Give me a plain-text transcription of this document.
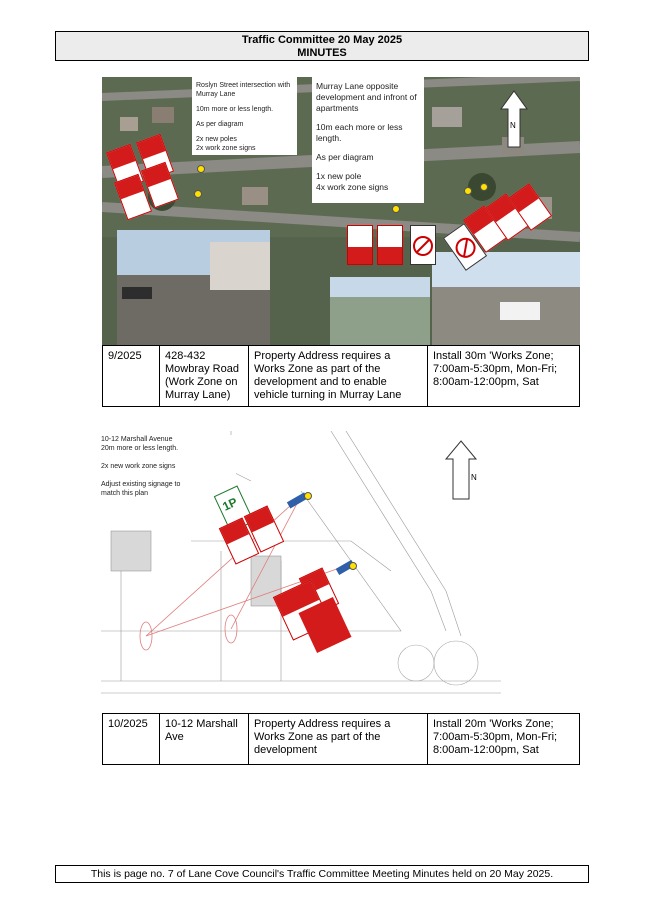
Traffic Committee 20 May 2025
MINUTES
Roslyn Street intersection with
Murray Lane
10m more or less length.
As per diagram
2x new poles
2x work zone signs
Murray Lane opposite
development and infront of
apartments
10m each more or less
length.
As per diagram
1x new pole
4x work zone signs
N
9/2025	428-432 Mowbray Road (Work Zone on Murray Lane)	Property Address requires a Works Zone as part of the development and to enable vehicle turning in Murray Lane	Install 30m 'Works Zone; 7:00am-5:30pm, Mon-Fri; 8:00am-12:00pm, Sat
N
10-12 Marshall Avenue
20m more or less length.
2x new work zone signs
Adjust existing signage to
match this plan
1P
10/2025	10-12 Marshall Ave	Property Address requires a Works Zone as part of the development	Install 20m 'Works Zone; 7:00am-5:30pm, Mon-Fri; 8:00am-12:00pm, Sat
This is page no. 7 of Lane Cove Council's Traffic Committee Meeting Minutes held on 20 May 2025.
